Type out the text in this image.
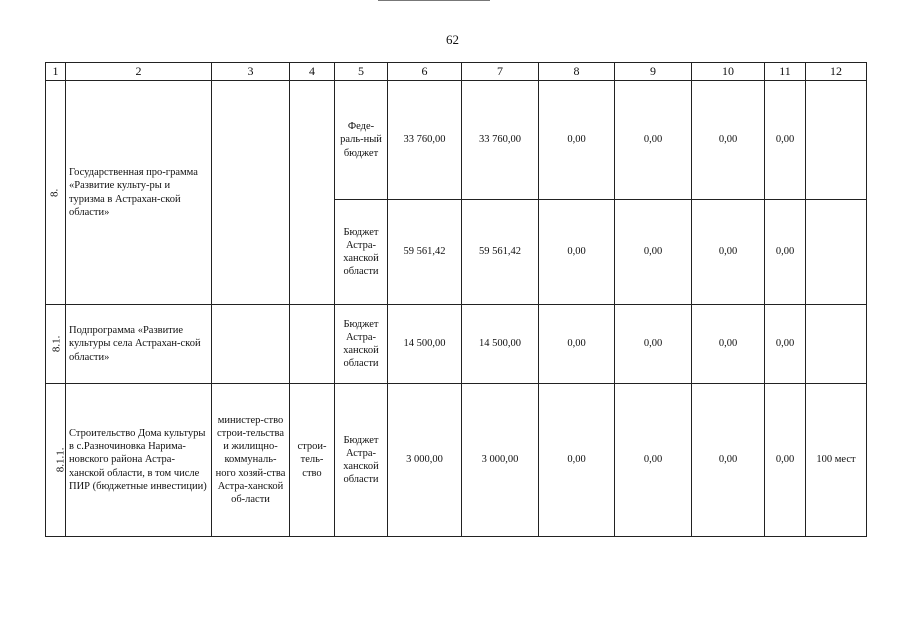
62
1	2	3	4	5	6	7	8	9	10	11	12
8.	Государственная про-грамма «Развитие культу-ры и туризма в Астрахан-ской области»			Феде-раль-ный бюджет	33 760,00	33 760,00	0,00	0,00	0,00	0,00	
				Бюджет Астра-ханской области	59 561,42	59 561,42	0,00	0,00	0,00	0,00	
8.1.	Подпрограмма «Развитие культуры села Астрахан-ской области»			Бюджет Астра-ханской области	14 500,00	14 500,00	0,00	0,00	0,00	0,00	
8.1.1.	Строительство Дома культуры в с.Разночиновка Нарима-новского района Астра-ханской области, в том числе ПИР (бюджетные инвестиции)	министер-ство строи-тельства и жилищно-коммуналь-ного хозяй-ства Астра-ханской об-ласти	строи-тель-ство	Бюджет Астра-ханской области	3 000,00	3 000,00	0,00	0,00	0,00	0,00	100 мест
